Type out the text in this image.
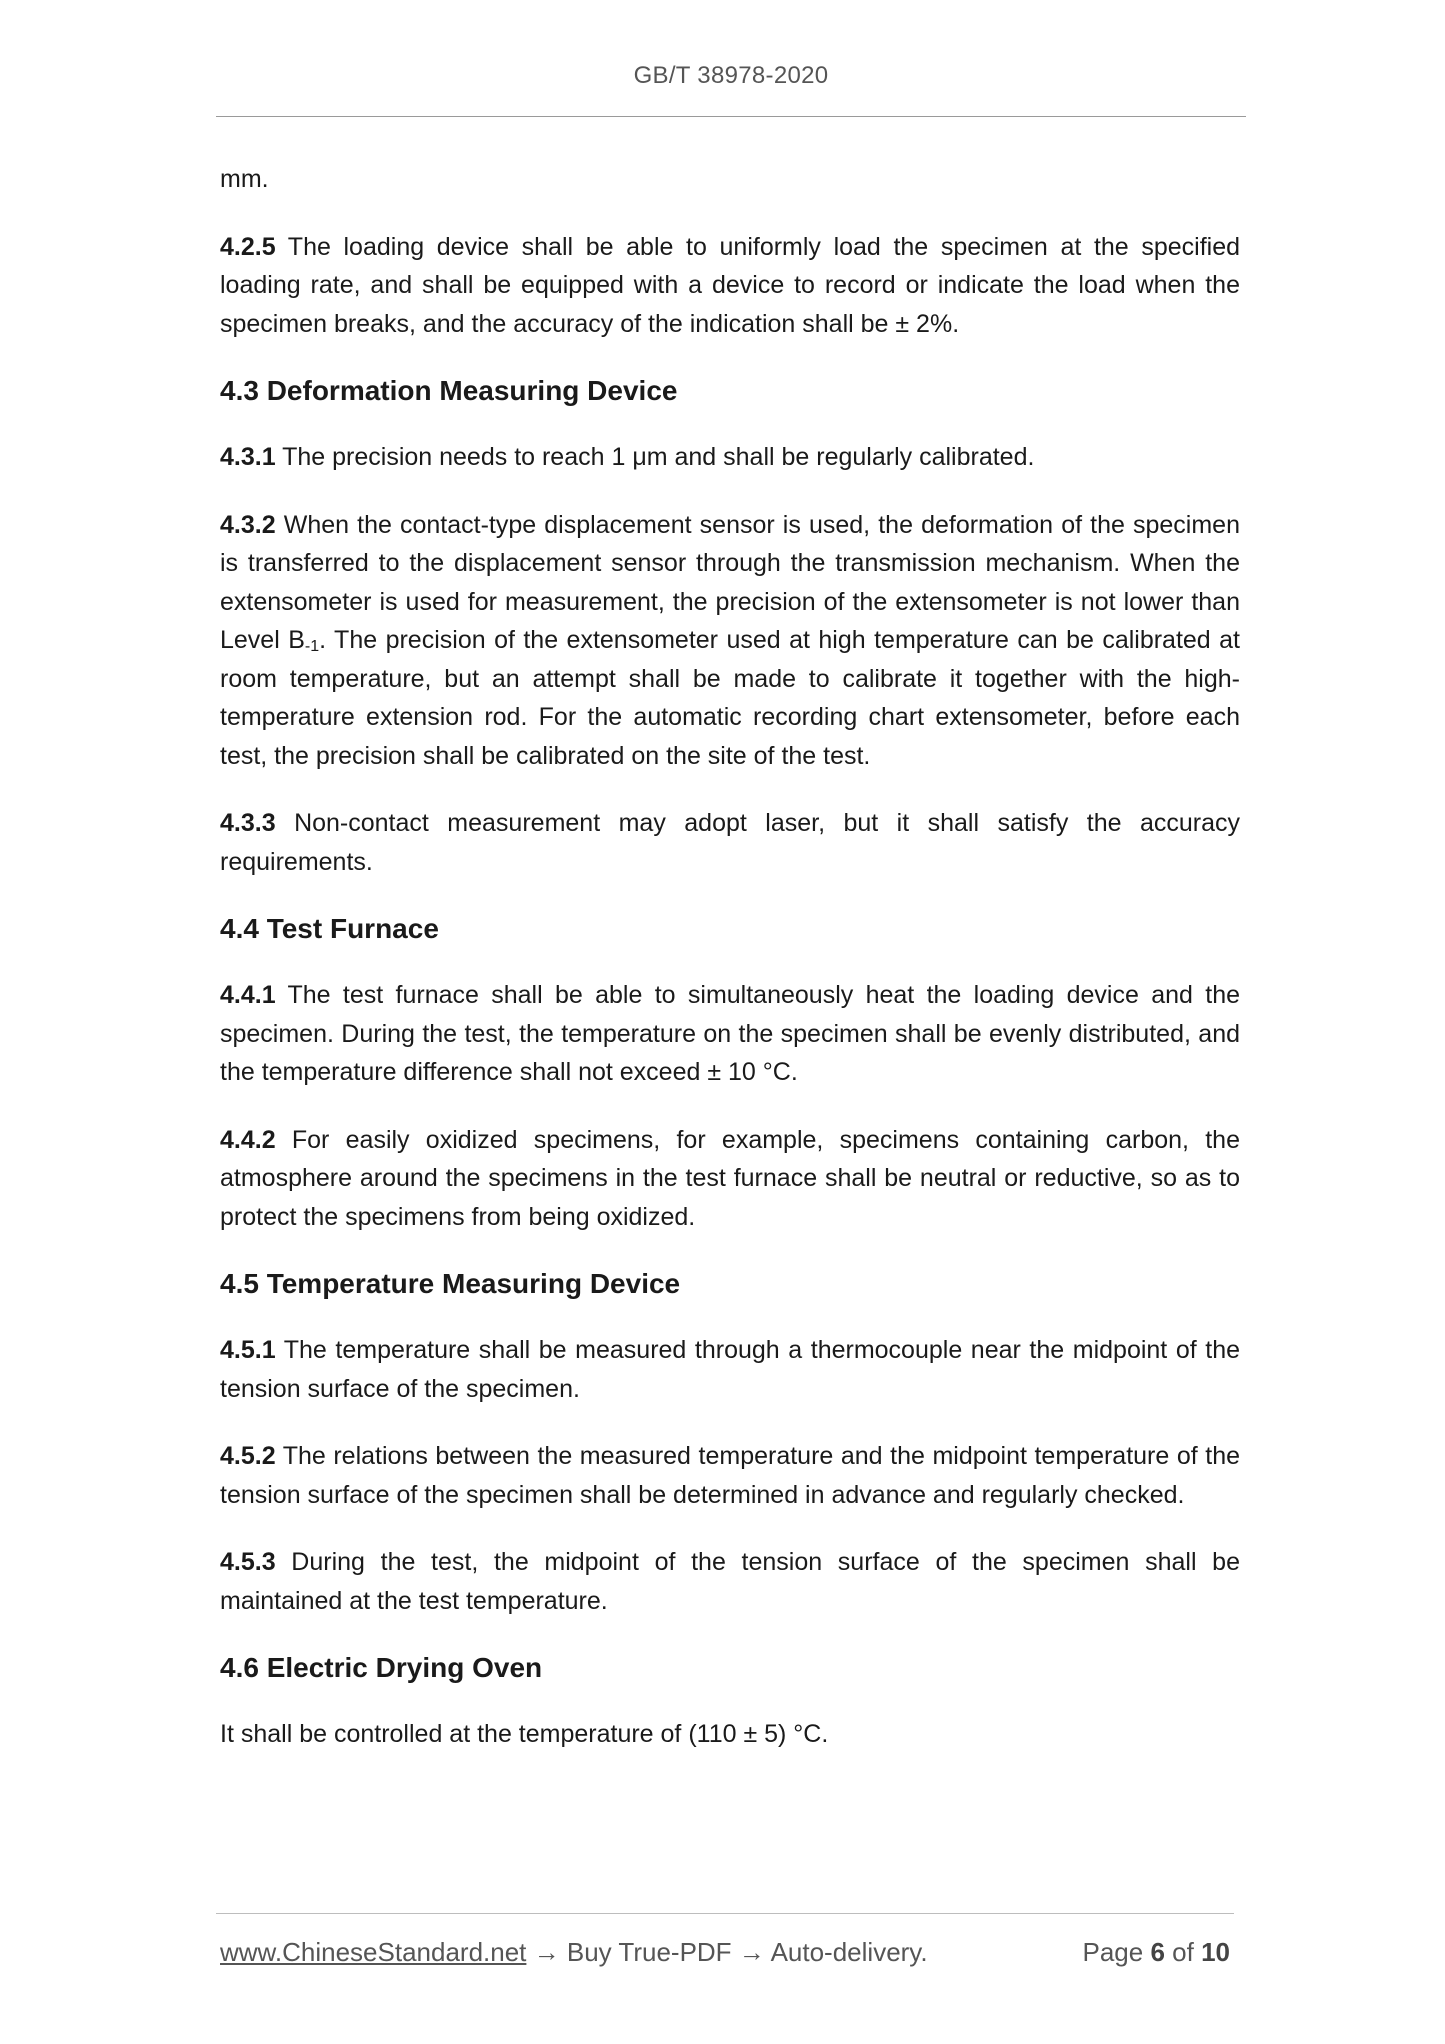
GB/T 38978-2020

mm.

4.2.5 The loading device shall be able to uniformly load the specimen at the specified loading rate, and shall be equipped with a device to record or indicate the load when the specimen breaks, and the accuracy of the indication shall be ± 2%.

4.3 Deformation Measuring Device

4.3.1 The precision needs to reach 1 μm and shall be regularly calibrated.

4.3.2 When the contact-type displacement sensor is used, the deformation of the specimen is transferred to the displacement sensor through the transmission mechanism. When the extensometer is used for measurement, the precision of the extensometer is not lower than Level $B_{-1}$. The precision of the extensometer used at high temperature can be calibrated at room temperature, but an attempt shall be made to calibrate it together with the high-temperature extension rod. For the automatic recording chart extensometer, before each test, the precision shall be calibrated on the site of the test.

4.3.3 Non-contact measurement may adopt laser, but it shall satisfy the accuracy requirements.

4.4 Test Furnace

4.4.1 The test furnace shall be able to simultaneously heat the loading device and the specimen. During the test, the temperature on the specimen shall be evenly distributed, and the temperature difference shall not exceed ± 10 °C.

4.4.2 For easily oxidized specimens, for example, specimens containing carbon, the atmosphere around the specimens in the test furnace shall be neutral or reductive, so as to protect the specimens from being oxidized.

4.5 Temperature Measuring Device

4.5.1 The temperature shall be measured through a thermocouple near the midpoint of the tension surface of the specimen.

4.5.2 The relations between the measured temperature and the midpoint temperature of the tension surface of the specimen shall be determined in advance and regularly checked.

4.5.3 During the test, the midpoint of the tension surface of the specimen shall be maintained at the test temperature.

4.6 Electric Drying Oven

It shall be controlled at the temperature of (110 ± 5) °C.

www.ChineseStandard.net → Buy True-PDF → Auto-delivery.	Page 6 of 10
